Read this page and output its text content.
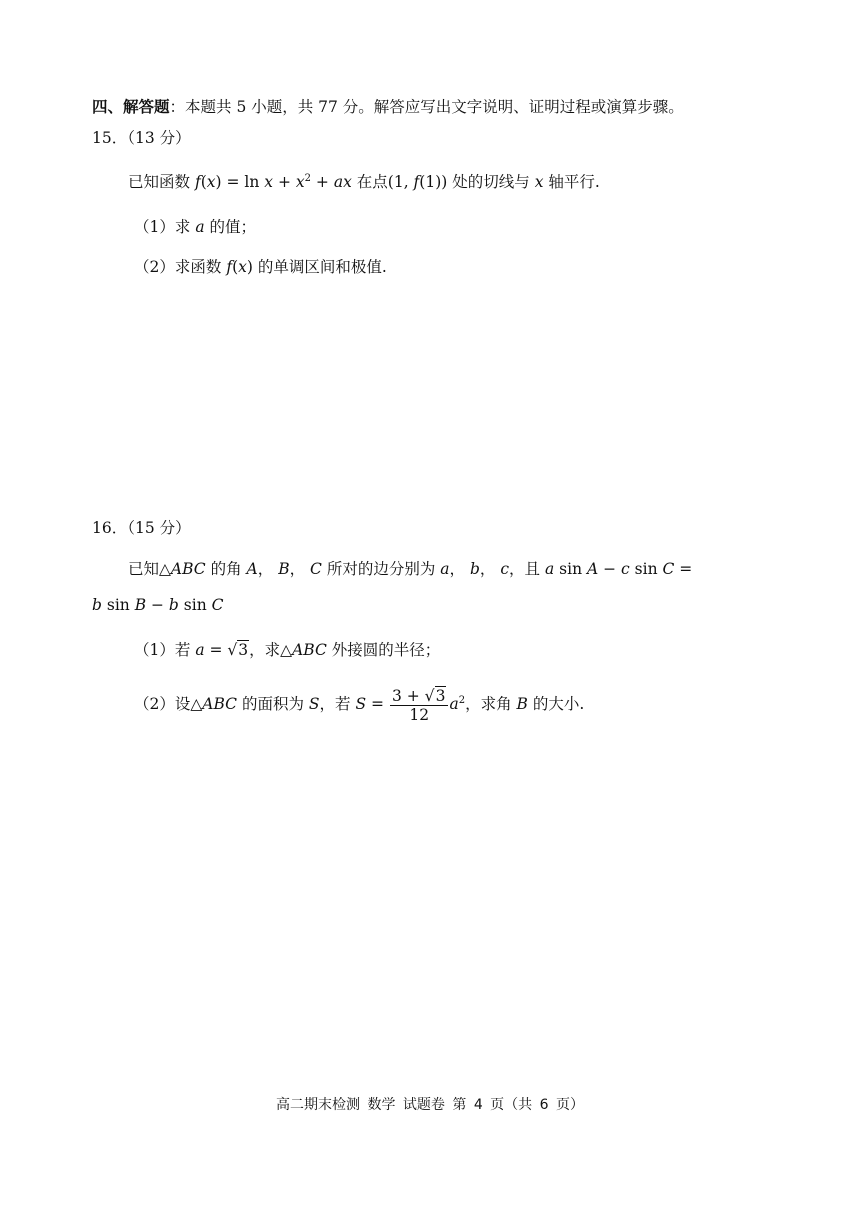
四、解答题：本题共 5 小题，共 77 分。解答应写出文字说明、证明过程或演算步骤。
15．（13 分）
已知函数 $f(x) = \ln x + x^2$ + ax 在点(1, f(1)) 处的切线与 x 轴平行.
（1）求 a 的值；
（2）求函数 f(x) 的单调区间和极值.
16．（15 分）
已知△ABC 的角 A， B， C 所对的边分别为 a， b， c，且 a sin A − c sin C =
b sin B − b sin C
（1）若 a = √3，求△ABC 外接圆的半径；
（2）设△ABC 的面积为 S，若 $S = \frac{3 + √3}{12} a^2$，求角 B 的大小.
高二期末检测 数学 试题卷 第 4 页（共 6 页）
